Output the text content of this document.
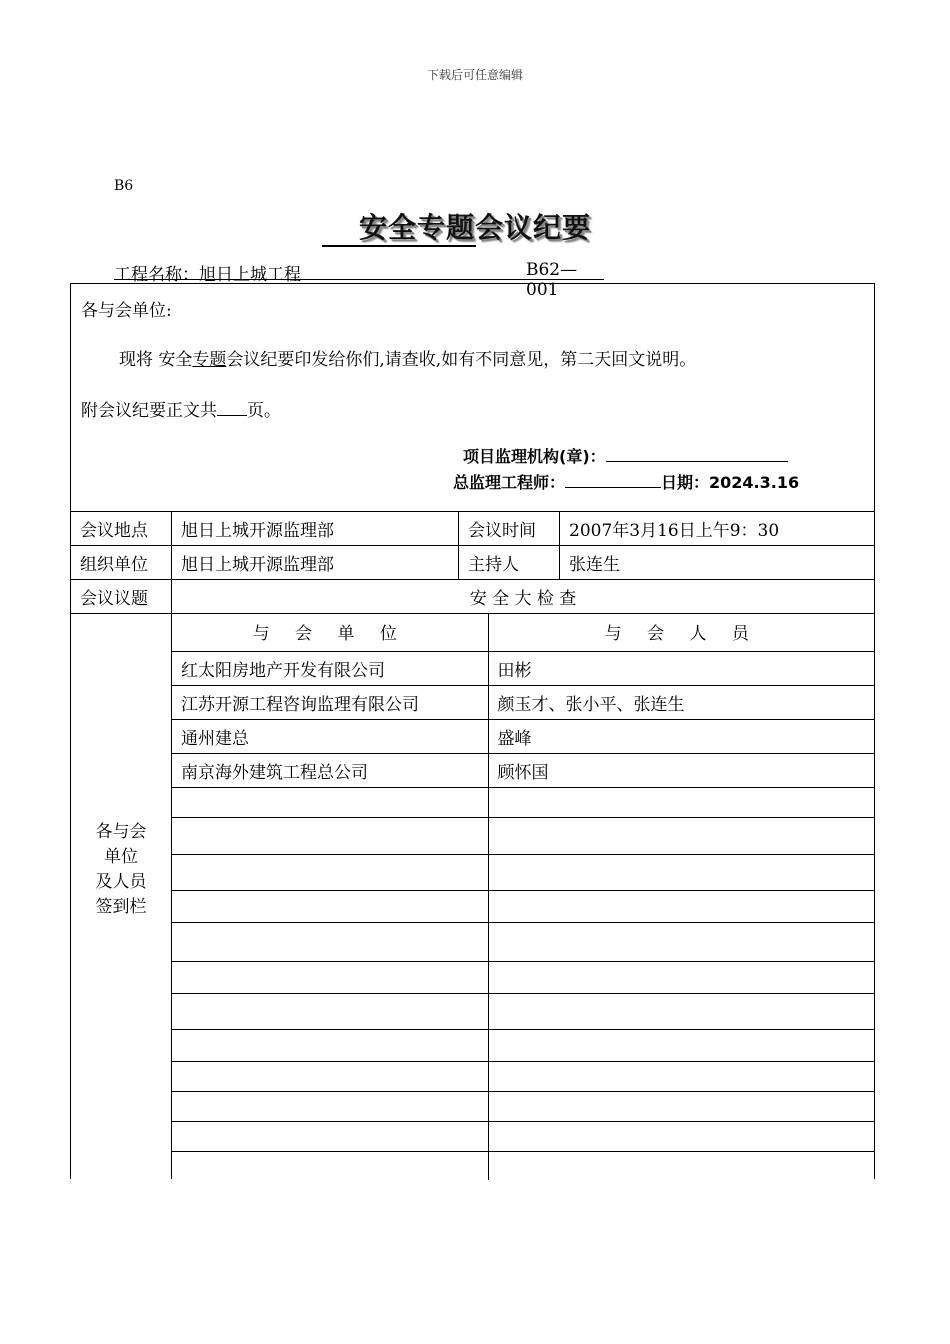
下载后可任意编辑
B6
安全专题会议纪要
工程名称：旭日上城工程	B62—001
各与会单位:
现将 安全专题会议纪要印发给你们,请查收,如有不同意见，第二天回文说明。
附会议纪要正文共 页。
项目监理机构(章)：
总监理工程师：	日期：2024.3.16
会议地点	旭日上城开源监理部	会议时间	2007年3月16日上午9：30
组织单位	旭日上城开源监理部	主持人	张连生
会议议题	安 全 大 检 查		
各与会
单位
及人员
签到栏
与 会 单 位	与 会 人 员
红太阳房地产开发有限公司	田彬
江苏开源工程咨询监理有限公司	颜玉才、张小平、张连生
通州建总	盛峰
南京海外建筑工程总公司	顾怀国
